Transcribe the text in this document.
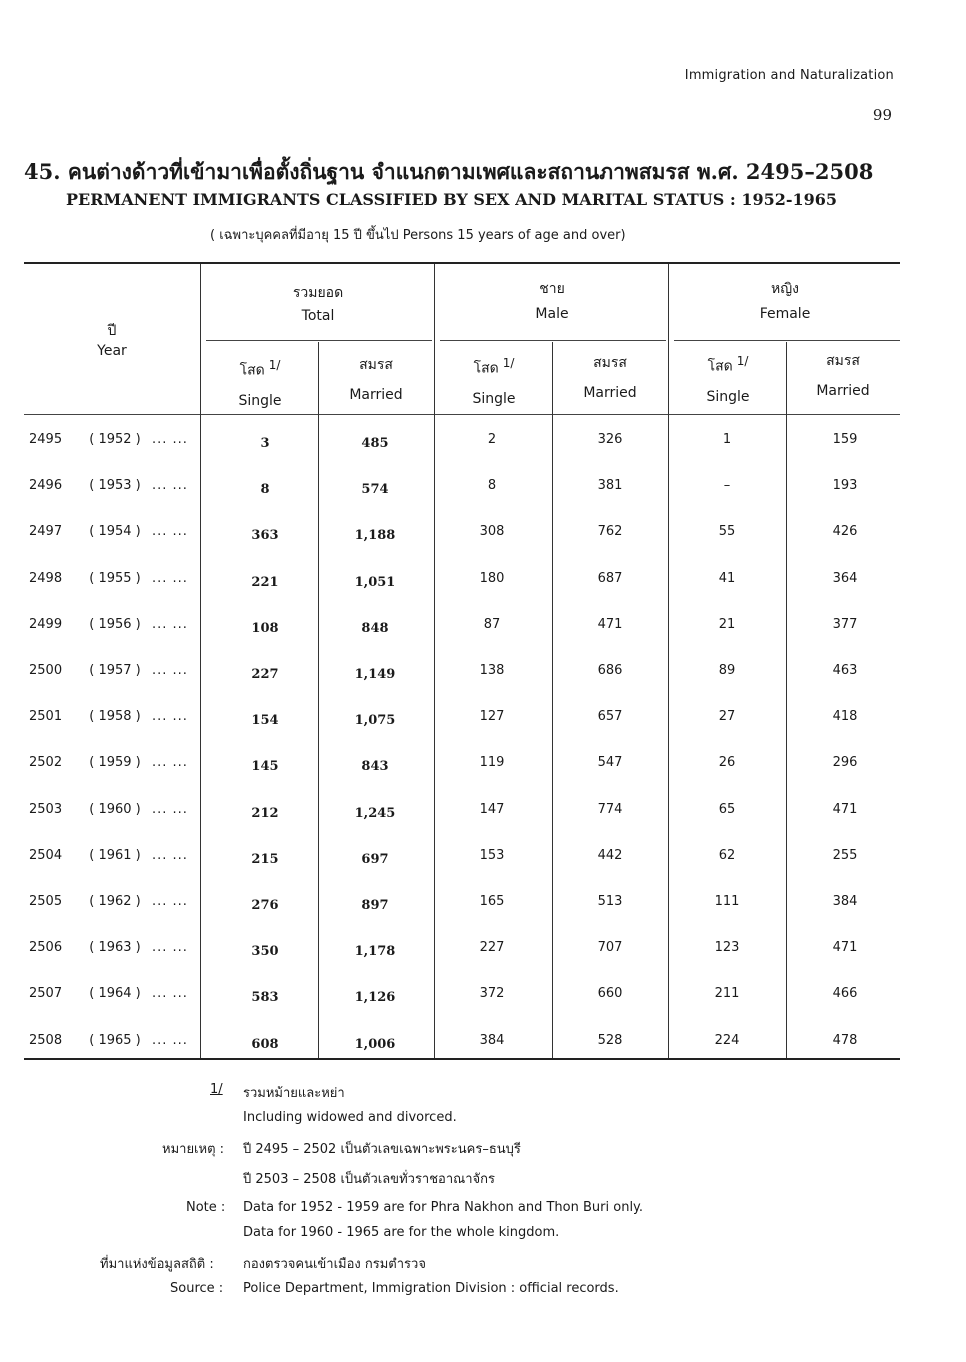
Immigration and Naturalization
99
45. คนต่างด้าวที่เข้ามาเพื่อตั้งถิ่นฐาน จำแนกตามเพศและสถานภาพสมรส พ.ศ. 2495–2508
PERMANENT IMMIGRANTS CLASSIFIED BY SEX AND MARITAL STATUS : 1952-1965
( เฉพาะบุคคลที่มีอายุ 15 ปี ขึ้นไป Persons 15 years of age and over)
ปี
Year
รวมยอด
Total
ชาย
Male
หญิง
Female
โสด 1/
Single
สมรส
Married
โสด 1/
Single
สมรส
Married
โสด 1/
Single
สมรส
Married
2495	( 1952 ) ... ...	3	485	2	326	1	159
2496	( 1953 ) ... ...	8	574	8	381	–	193
2497	( 1954 ) ... ...	363	1,188	308	762	55	426
2498	( 1955 ) ... ...	221	1,051	180	687	41	364
2499	( 1956 ) ... ...	108	848	87	471	21	377
2500	( 1957 ) ... ...	227	1,149	138	686	89	463
2501	( 1958 ) ... ...	154	1,075	127	657	27	418
2502	( 1959 ) ... ...	145	843	119	547	26	296
2503	( 1960 ) ... ...	212	1,245	147	774	65	471
2504	( 1961 ) ... ...	215	697	153	442	62	255
2505	( 1962 ) ... ...	276	897	165	513	111	384
2506	( 1963 ) ... ...	350	1,178	227	707	123	471
2507	( 1964 ) ... ...	583	1,126	372	660	211	466
2508	( 1965 ) ... ...	608	1,006	384	528	224	478
1/ รวมหม้ายและหย่า
Including widowed and divorced.
หมายเหตุ : ปี 2495 – 2502 เป็นตัวเลขเฉพาะพระนคร–ธนบุรี
ปี 2503 – 2508 เป็นตัวเลขทั่วราชอาณาจักร
Note : Data for 1952 - 1959 are for Phra Nakhon and Thon Buri only.
Data for 1960 - 1965 are for the whole kingdom.
ที่มาแห่งข้อมูลสถิติ : กองตรวจคนเข้าเมือง กรมตำรวจ
Source : Police Department, Immigration Division : official records.
